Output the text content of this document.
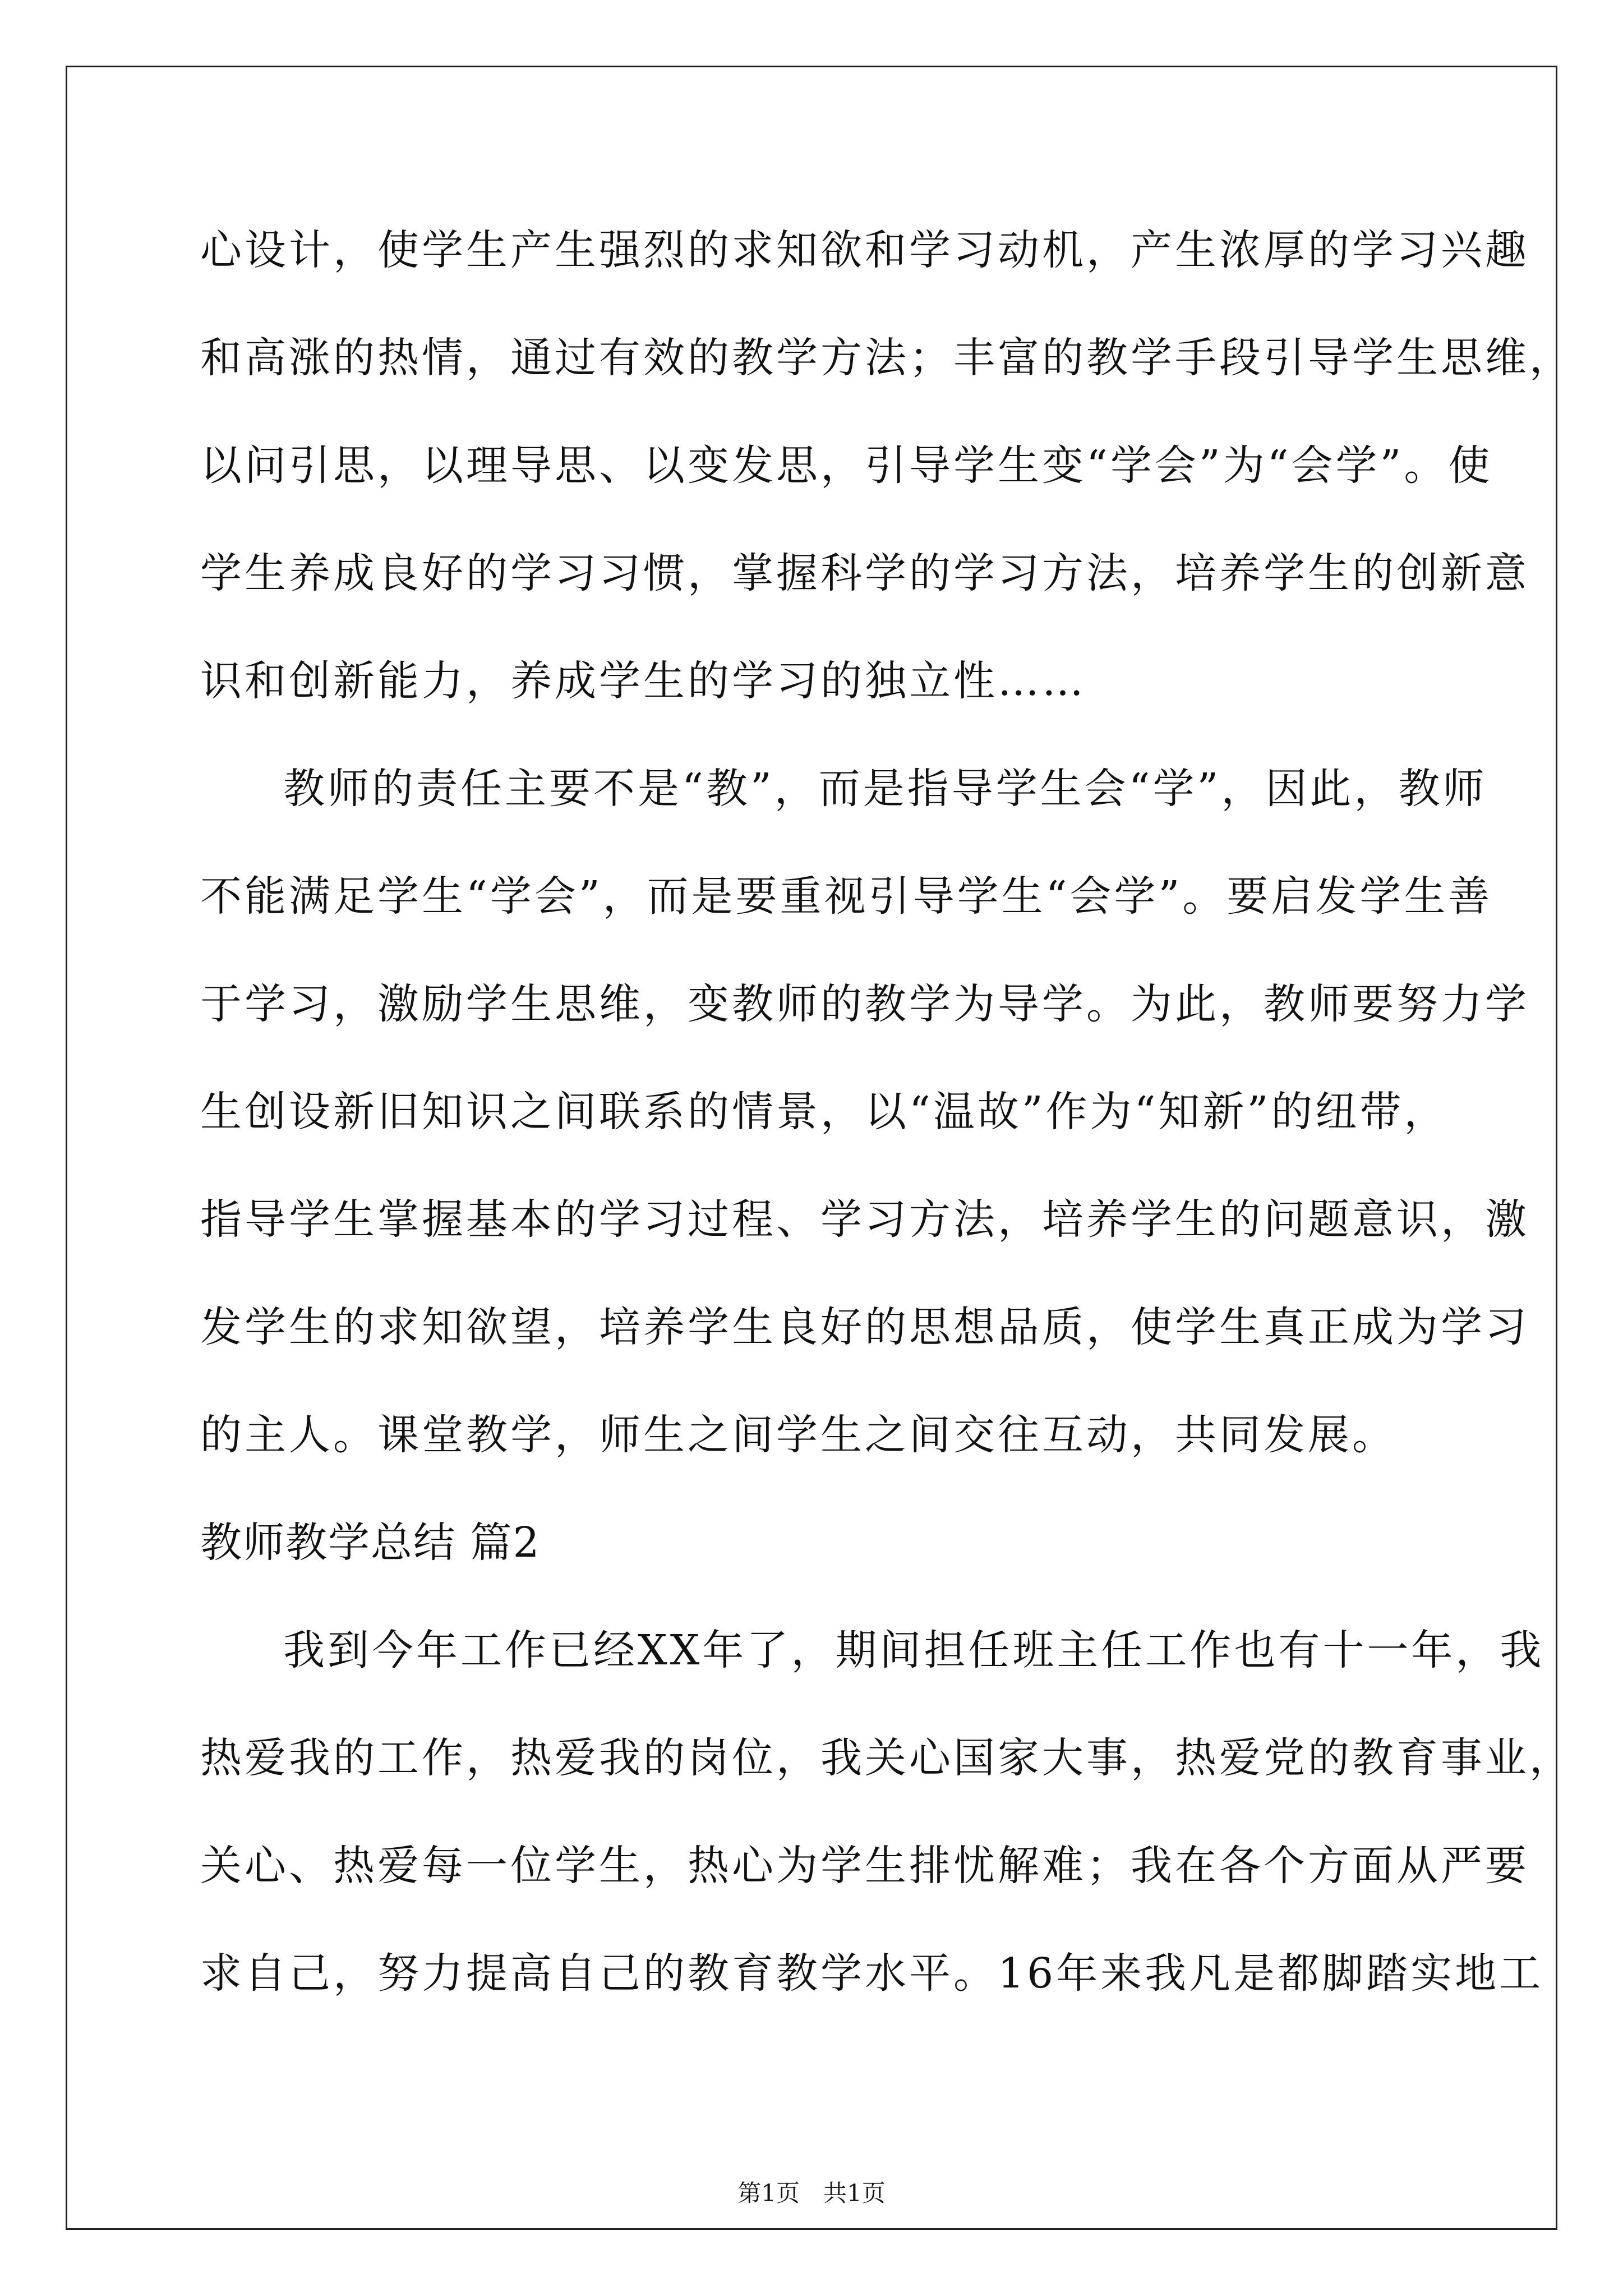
心设计，使学生产生强烈的求知欲和学习动机，产生浓厚的学习兴趣
和高涨的热情，通过有效的教学方法；丰富的教学手段引导学生思维，
以问引思，以理导思、以变发思，引导学生变“学会”为“会学”。使
学生养成良好的学习习惯，掌握科学的学习方法，培养学生的创新意
识和创新能力，养成学生的学习的独立性……
教师的责任主要不是“教”，而是指导学生会“学”，因此，教师
不能满足学生“学会”，而是要重视引导学生“会学”。要启发学生善
于学习，激励学生思维，变教师的教学为导学。为此，教师要努力学
生创设新旧知识之间联系的情景，以“温故”作为“知新”的纽带，
指导学生掌握基本的学习过程、学习方法，培养学生的问题意识，激
发学生的求知欲望，培养学生良好的思想品质，使学生真正成为学习
的主人。课堂教学，师生之间学生之间交往互动，共同发展。
教师教学总结 篇2
我到今年工作已经XX年了，期间担任班主任工作也有十一年，我
热爱我的工作，热爱我的岗位，我关心国家大事，热爱党的教育事业，
关心、热爱每一位学生，热心为学生排忧解难；我在各个方面从严要
求自己，努力提高自己的教育教学水平。16年来我凡是都脚踏实地工
第1页　共1页
